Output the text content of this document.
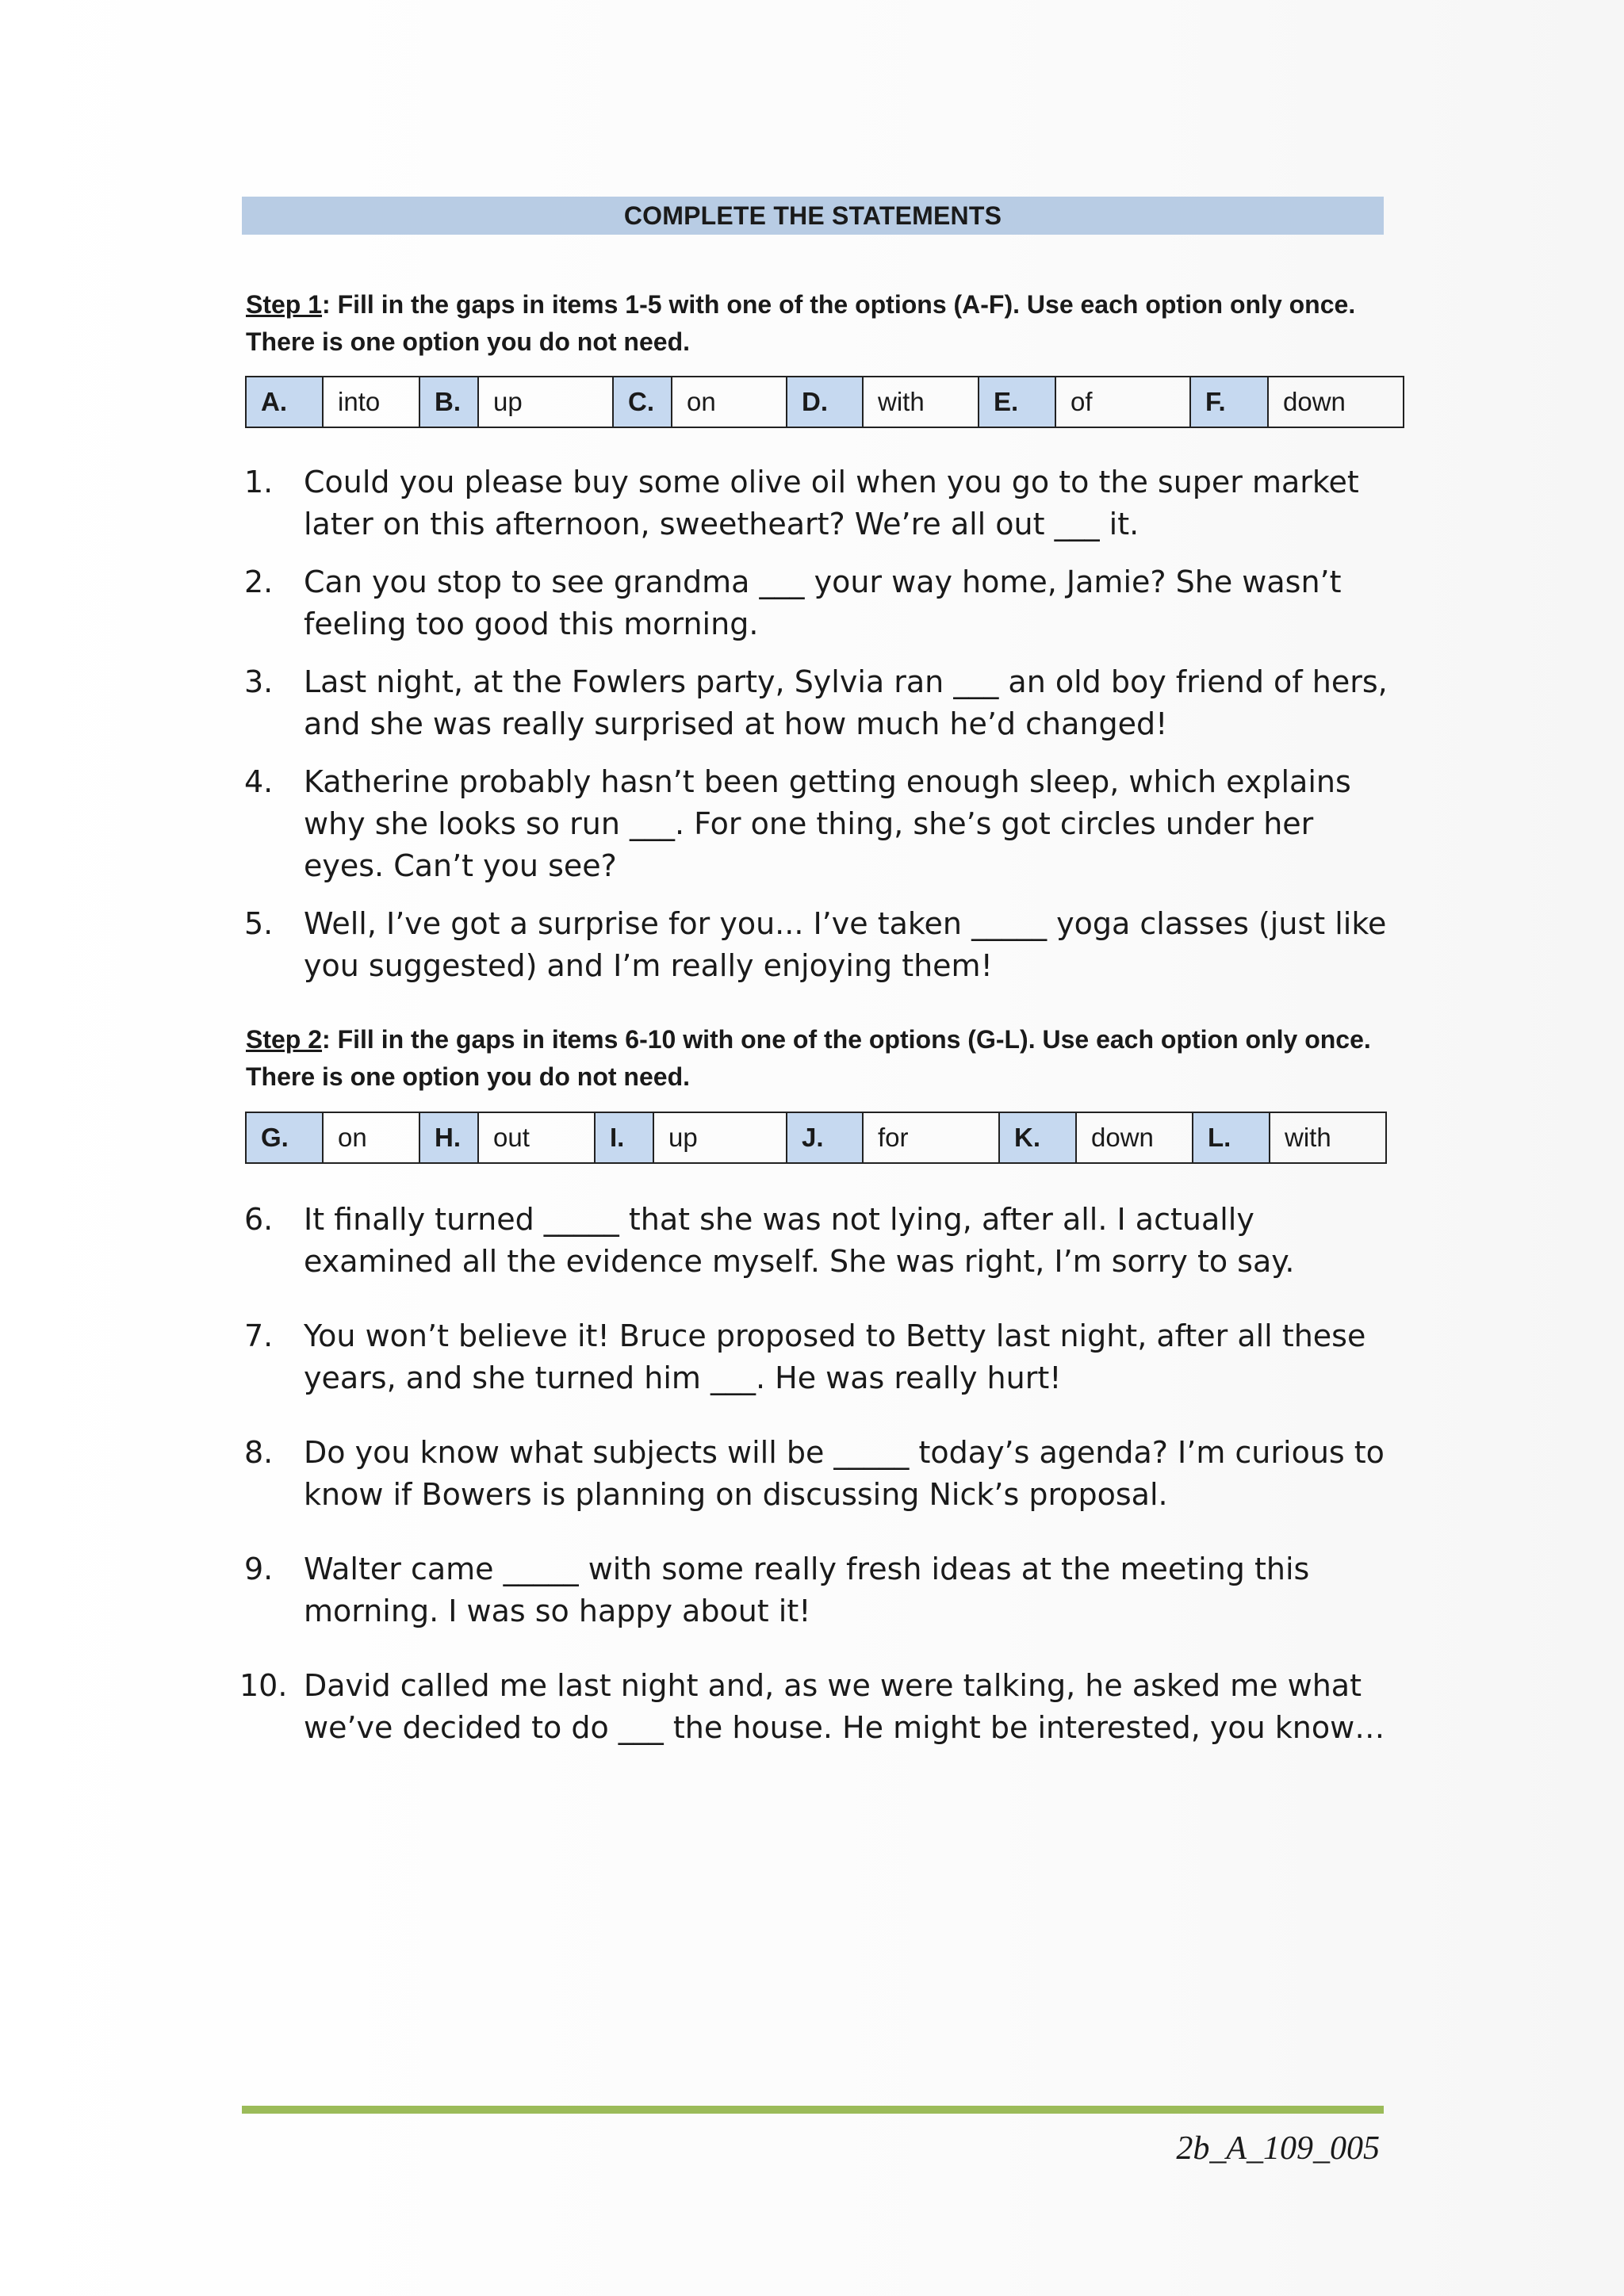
COMPLETE THE STATEMENTS
Step 1: Fill in the gaps in items 1-5 with one of the options (A-F). Use each option only once. There is one option you do not need.
A.	into	B.	up	C.	on	D.	with	E.	of	F.	down
1. Could you please buy some olive oil when you go to the super market later on this afternoon, sweetheart? We’re all out ___ it.
2. Can you stop to see grandma ___ your way home, Jamie? She wasn’t feeling too good this morning.
3. Last night, at the Fowlers party, Sylvia ran ___ an old boy friend of hers, and she was really surprised at how much he’d changed!
4. Katherine probably hasn’t been getting enough sleep, which explains why she looks so run ___. For one thing, she’s got circles under her eyes. Can’t you see?
5. Well, I’ve got a surprise for you... I’ve taken _____ yoga classes (just like you suggested) and I’m really enjoying them!
Step 2: Fill in the gaps in items 6-10 with one of the options (G-L). Use each option only once. There is one option you do not need.
G.	on	H.	out	I.	up	J.	for	K.	down	L.	with
6. It finally turned _____ that she was not lying, after all. I actually examined all the evidence myself. She was right, I’m sorry to say.
7. You won’t believe it! Bruce proposed to Betty last night, after all these years, and she turned him ___. He was really hurt!
8. Do you know what subjects will be _____ today’s agenda? I’m curious to know if Bowers is planning on discussing Nick’s proposal.
9. Walter came _____ with some really fresh ideas at the meeting this morning. I was so happy about it!
10. David called me last night and, as we were talking, he asked me what we’ve decided to do ___ the house. He might be interested, you know…
2b_A_109_005
